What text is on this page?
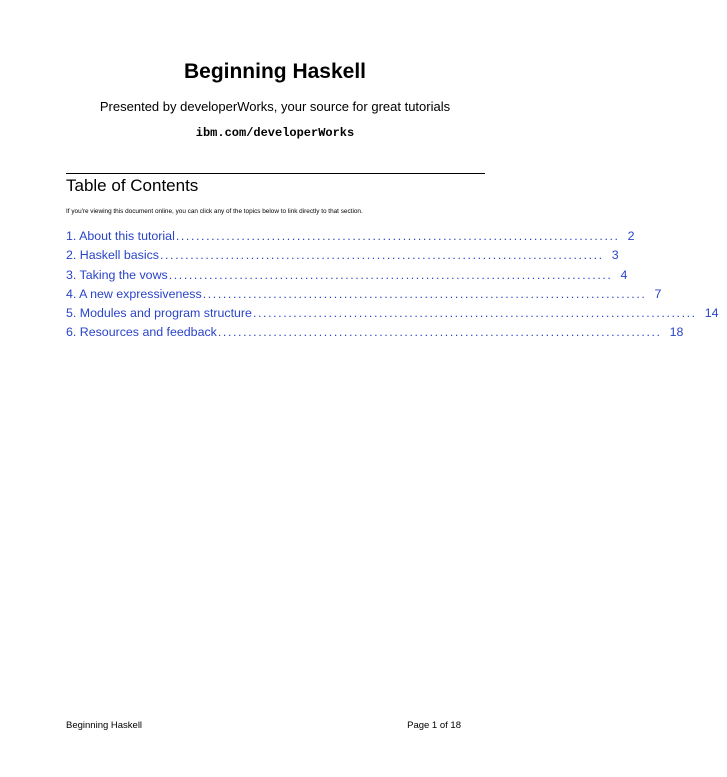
Beginning Haskell
Presented by developerWorks, your source for great tutorials
ibm.com/developerWorks
Table of Contents
If you're viewing this document online, you can click any of the topics below to link directly to that section.
1. About this tutorial ........................................................................................ 2
2. Haskell basics ........................................................................................ 3
3. Taking the vows ........................................................................................ 4
4. A new expressiveness ........................................................................................ 7
5. Modules and program structure ........................................................................................ 14
6. Resources and feedback ........................................................................................ 18
Beginning Haskell	Page 1 of 18
